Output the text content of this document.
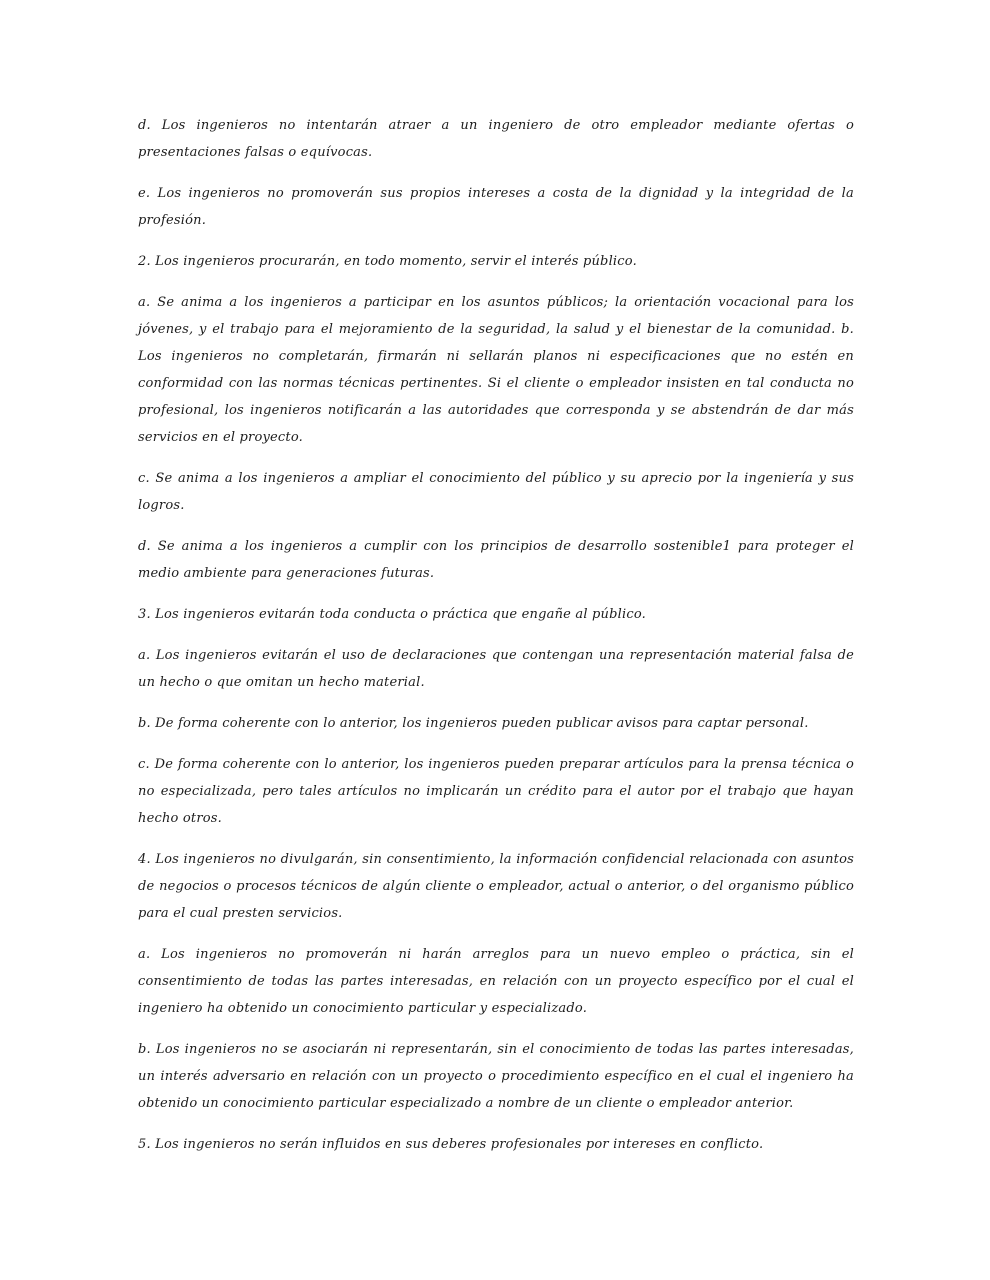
d. Los ingenieros no intentarán atraer a un ingeniero de otro empleador mediante ofertas o presentaciones falsas o equívocas.

e. Los ingenieros no promoverán sus propios intereses a costa de la dignidad y la integridad de la profesión.

2. Los ingenieros procurarán, en todo momento, servir el interés público.

a. Se anima a los ingenieros a participar en los asuntos públicos; la orientación vocacional para los jóvenes, y el trabajo para el mejoramiento de la seguridad, la salud y el bienestar de la comunidad. b. Los ingenieros no completarán, firmarán ni sellarán planos ni especificaciones que no estén en conformidad con las normas técnicas pertinentes. Si el cliente o empleador insisten en tal conducta no profesional, los ingenieros notificarán a las autoridades que corresponda y se abstendrán de dar más servicios en el proyecto.

c. Se anima a los ingenieros a ampliar el conocimiento del público y su aprecio por la ingeniería y sus logros.

d. Se anima a los ingenieros a cumplir con los principios de desarrollo sostenible1 para proteger el medio ambiente para generaciones futuras.

3. Los ingenieros evitarán toda conducta o práctica que engañe al público.

a. Los ingenieros evitarán el uso de declaraciones que contengan una representación material falsa de un hecho o que omitan un hecho material.

b. De forma coherente con lo anterior, los ingenieros pueden publicar avisos para captar personal.

c. De forma coherente con lo anterior, los ingenieros pueden preparar artículos para la prensa técnica o no especializada, pero tales artículos no implicarán un crédito para el autor por el trabajo que hayan hecho otros.

4. Los ingenieros no divulgarán, sin consentimiento, la información confidencial relacionada con asuntos de negocios o procesos técnicos de algún cliente o empleador, actual o anterior, o del organismo público para el cual presten servicios.

a. Los ingenieros no promoverán ni harán arreglos para un nuevo empleo o práctica, sin el consentimiento de todas las partes interesadas, en relación con un proyecto específico por el cual el ingeniero ha obtenido un conocimiento particular y especializado.

b. Los ingenieros no se asociarán ni representarán, sin el conocimiento de todas las partes interesadas, un interés adversario en relación con un proyecto o procedimiento específico en el cual el ingeniero ha obtenido un conocimiento particular especializado a nombre de un cliente o empleador anterior.

5. Los ingenieros no serán influidos en sus deberes profesionales por intereses en conflicto.
